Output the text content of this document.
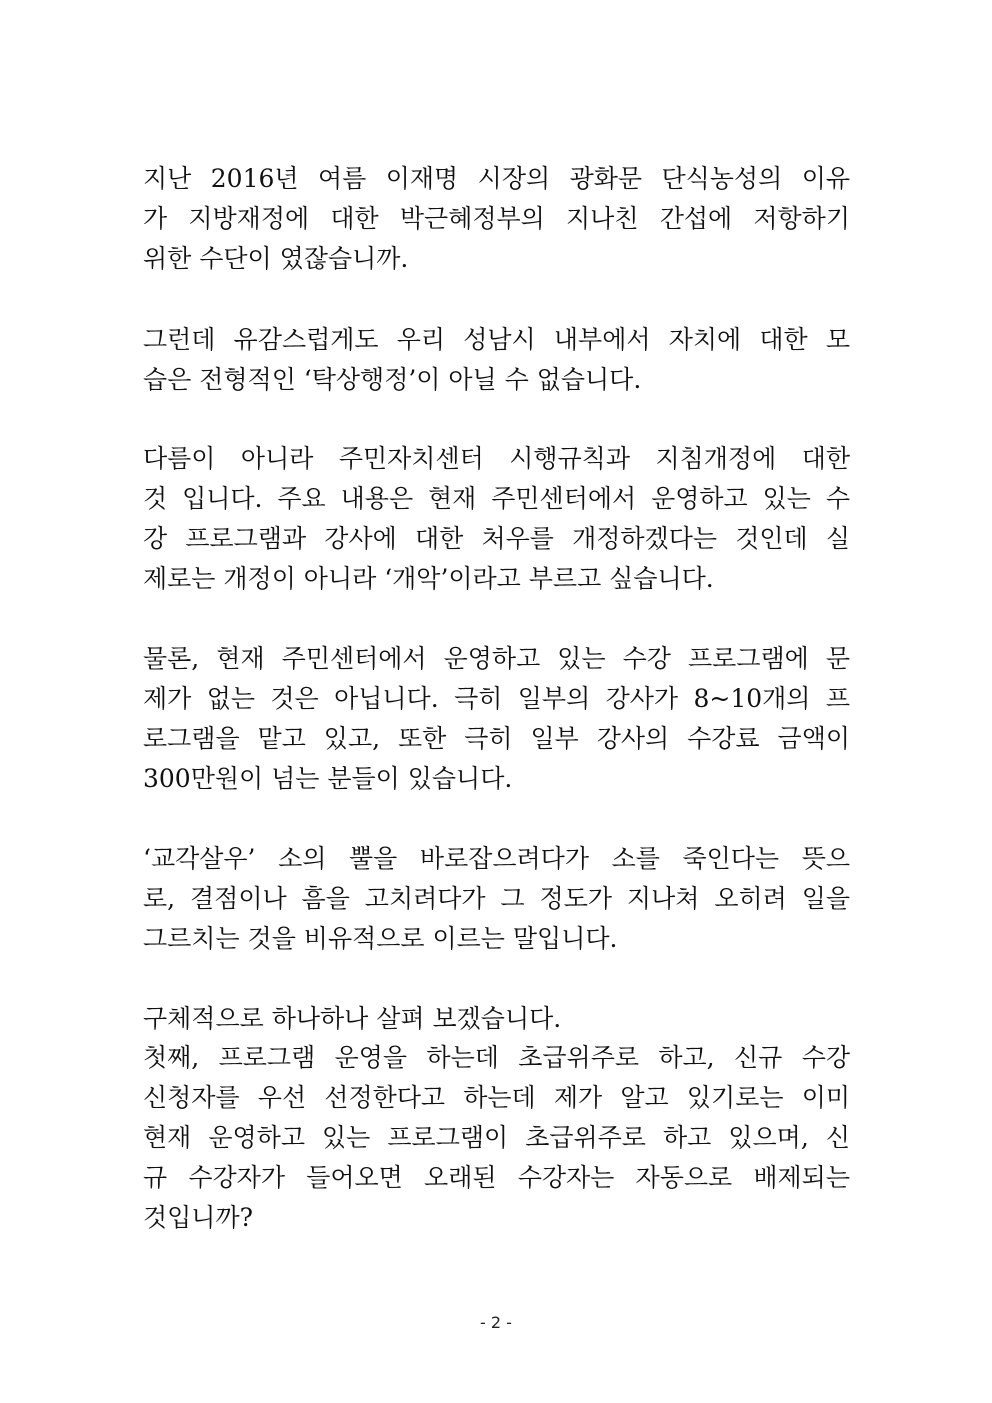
지난 2016년 여름 이재명 시장의 광화문 단식농성의 이유
가 지방재정에 대한 박근혜정부의 지나친 간섭에 저항하기
위한 수단이 였잖습니까.
그런데 유감스럽게도 우리 성남시 내부에서 자치에 대한 모
습은 전형적인 ‘탁상행정’이 아닐 수 없습니다.
다름이 아니라 주민자치센터 시행규칙과 지침개정에 대한
것 입니다. 주요 내용은 현재 주민센터에서 운영하고 있는 수
강 프로그램과 강사에 대한 처우를 개정하겠다는 것인데 실
제로는 개정이 아니라 ‘개악’이라고 부르고 싶습니다.
물론, 현재 주민센터에서 운영하고 있는 수강 프로그램에 문
제가 없는 것은 아닙니다. 극히 일부의 강사가 8~10개의 프
로그램을 맡고 있고, 또한 극히 일부 강사의 수강료 금액이
300만원이 넘는 분들이 있습니다.
‘교각살우’ 소의 뿔을 바로잡으려다가 소를 죽인다는 뜻으
로, 결점이나 흠을 고치려다가 그 정도가 지나쳐 오히려 일을
그르치는 것을 비유적으로 이르는 말입니다.
구체적으로 하나하나 살펴 보겠습니다.
첫째, 프로그램 운영을 하는데 초급위주로 하고, 신규 수강
신청자를 우선 선정한다고 하는데 제가 알고 있기로는 이미
현재 운영하고 있는 프로그램이 초급위주로 하고 있으며, 신
규 수강자가 들어오면 오래된 수강자는 자동으로 배제되는
것입니까?
- 2 -
